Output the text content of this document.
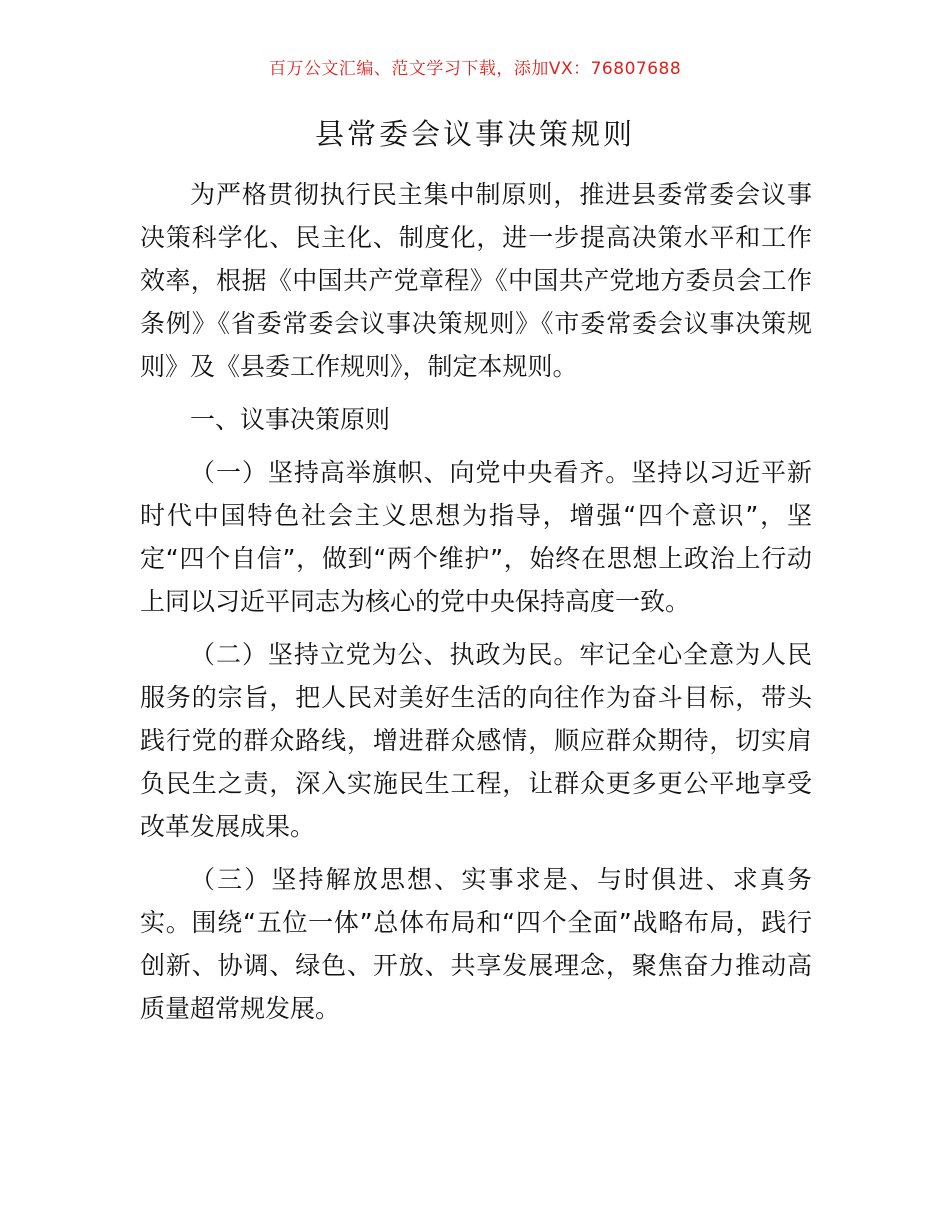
百万公文汇编、范文学习下载，添加VX：76807688
县常委会议事决策规则

为严格贯彻执行民主集中制原则，推进县委常委会议事决策科学化、民主化、制度化，进一步提高决策水平和工作效率，根据《中国共产党章程》《中国共产党地方委员会工作条例》《省委常委会议事决策规则》《市委常委会议事决策规则》及《县委工作规则》，制定本规则。

一、议事决策原则

（一）坚持高举旗帜、向党中央看齐。坚持以习近平新时代中国特色社会主义思想为指导，增强“四个意识”，坚定“四个自信”，做到“两个维护”，始终在思想上政治上行动上同以习近平同志为核心的党中央保持高度一致。

（二）坚持立党为公、执政为民。牢记全心全意为人民服务的宗旨，把人民对美好生活的向往作为奋斗目标，带头践行党的群众路线，增进群众感情，顺应群众期待，切实肩负民生之责，深入实施民生工程，让群众更多更公平地享受改革发展成果。

（三）坚持解放思想、实事求是、与时俱进、求真务实。围绕“五位一体”总体布局和“四个全面”战略布局，践行创新、协调、绿色、开放、共享发展理念，聚焦奋力推动高质量超常规发展。
